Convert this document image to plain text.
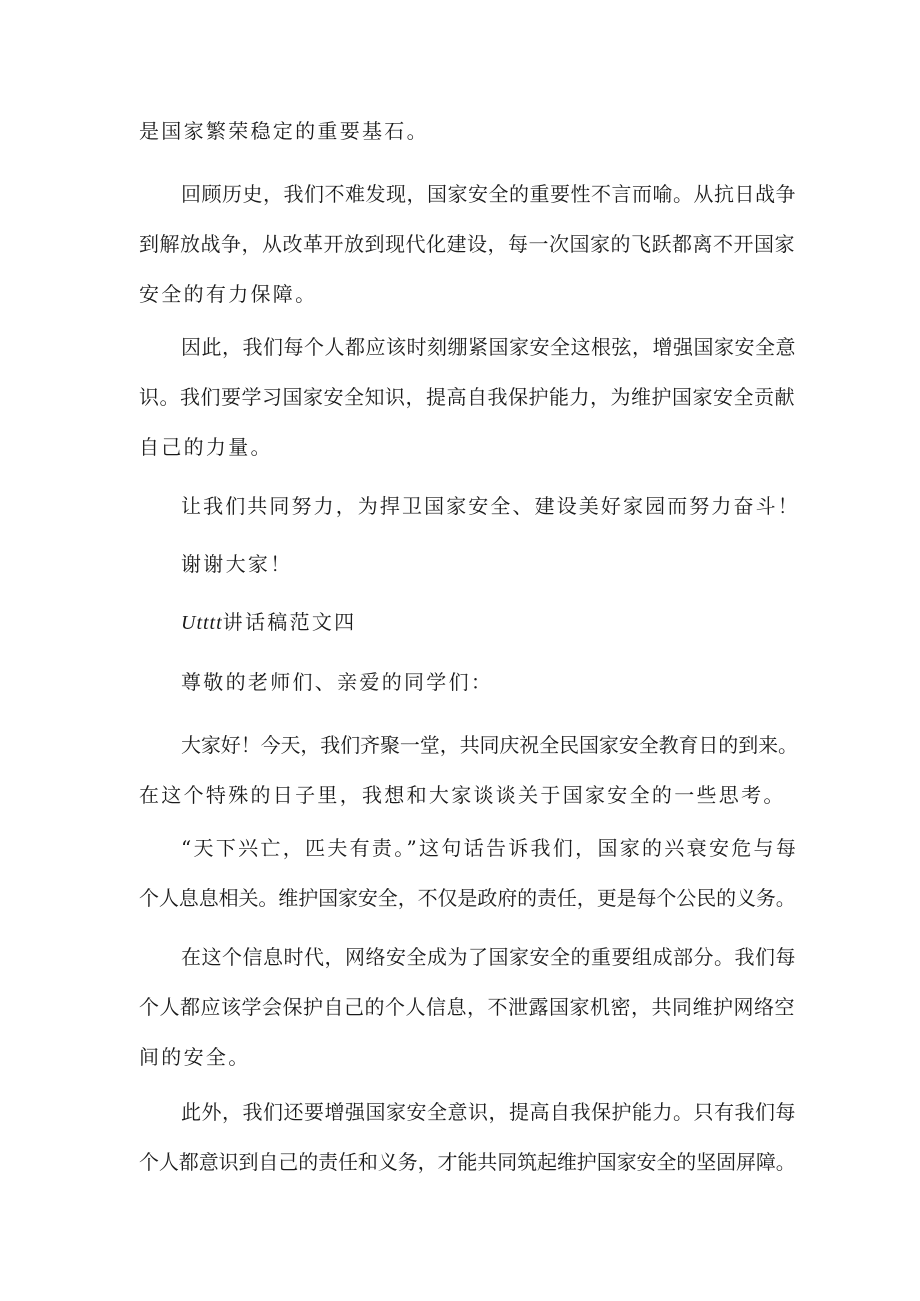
是国家繁荣稳定的重要基石。
回顾历史，我们不难发现，国家安全的重要性不言而喻。从抗日战争
到解放战争，从改革开放到现代化建设，每一次国家的飞跃都离不开国家
安全的有力保障。
因此，我们每个人都应该时刻绷紧国家安全这根弦，增强国家安全意
识。我们要学习国家安全知识，提高自我保护能力，为维护国家安全贡献
自己的力量。
让我们共同努力，为捍卫国家安全、建设美好家园而努力奋斗！
谢谢大家！
Utttt讲话稿范文四
尊敬的老师们、亲爱的同学们：
大家好！今天，我们齐聚一堂，共同庆祝全民国家安全教育日的到来。
在这个特殊的日子里，我想和大家谈谈关于国家安全的一些思考。
“天下兴亡，匹夫有责。”这句话告诉我们，国家的兴衰安危与每
个人息息相关。维护国家安全，不仅是政府的责任，更是每个公民的义务。
在这个信息时代，网络安全成为了国家安全的重要组成部分。我们每
个人都应该学会保护自己的个人信息，不泄露国家机密，共同维护网络空
间的安全。
此外，我们还要增强国家安全意识，提高自我保护能力。只有我们每
个人都意识到自己的责任和义务，才能共同筑起维护国家安全的坚固屏障。
